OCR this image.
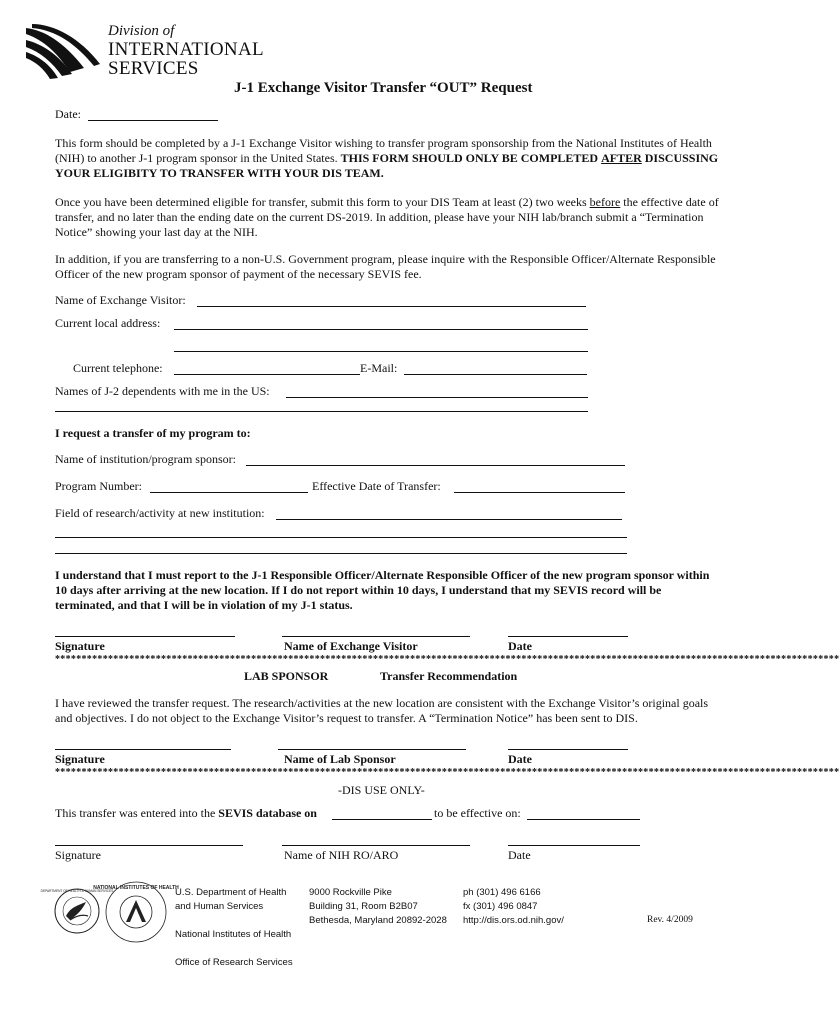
Division of
INTERNATIONAL
SERVICES
J-1 Exchange Visitor Transfer “OUT” Request
Date:
This form should be completed by a J-1 Exchange Visitor wishing to transfer program sponsorship from the National Institutes of Health (NIH) to another J-1 program sponsor in the United States. THIS FORM SHOULD ONLY BE COMPLETED AFTER DISCUSSING YOUR ELIGIBITY TO TRANSFER WITH YOUR DIS TEAM.
Once you have been determined eligible for transfer, submit this form to your DIS Team at least (2) two weeks before the effective date of transfer, and no later than the ending date on the current DS-2019. In addition, please have your NIH lab/branch submit a “Termination Notice” showing your last day at the NIH.
In addition, if you are transferring to a non-U.S. Government program, please inquire with the Responsible Officer/Alternate Responsible Officer of the new program sponsor of payment of the necessary SEVIS fee.
Name of Exchange Visitor:
Current local address:
Current telephone:	E-Mail:
Names of J-2 dependents with me in the US:
I request a transfer of my program to:
Name of institution/program sponsor:
Program Number:	Effective Date of Transfer:
Field of research/activity at new institution:
I understand that I must report to the J-1 Responsible Officer/Alternate Responsible Officer of the new program sponsor within 10 days after arriving at the new location. If I do not report within 10 days, I understand that my SEVIS record will be terminated, and that I will be in violation of my J-1 status.
Signature	Name of Exchange Visitor	Date
****************************************************************************************************************************************************
LAB SPONSOR	Transfer Recommendation
I have reviewed the transfer request. The research/activities at the new location are consistent with the Exchange Visitor’s original goals and objectives. I do not object to the Exchange Visitor’s request to transfer. A “Termination Notice” has been sent to DIS.
Signature	Name of Lab Sponsor	Date
****************************************************************************************************************************************************
-DIS USE ONLY-
This transfer was entered into the SEVIS database on	to be effective on:
Signature	Name of NIH RO/ARO	Date
DEPARTMENT OF HEALTH & HUMAN SERVICES
NATIONAL INSTITUTES OF HEALTH
U.S. Department of Health
and Human Services
National Institutes of Health
Office of Research Services
9000 Rockville Pike
Building 31, Room B2B07
Bethesda, Maryland 20892-2028
ph (301) 496 6166
fx (301) 496 0847
http://dis.ors.od.nih.gov/	Rev. 4/2009
